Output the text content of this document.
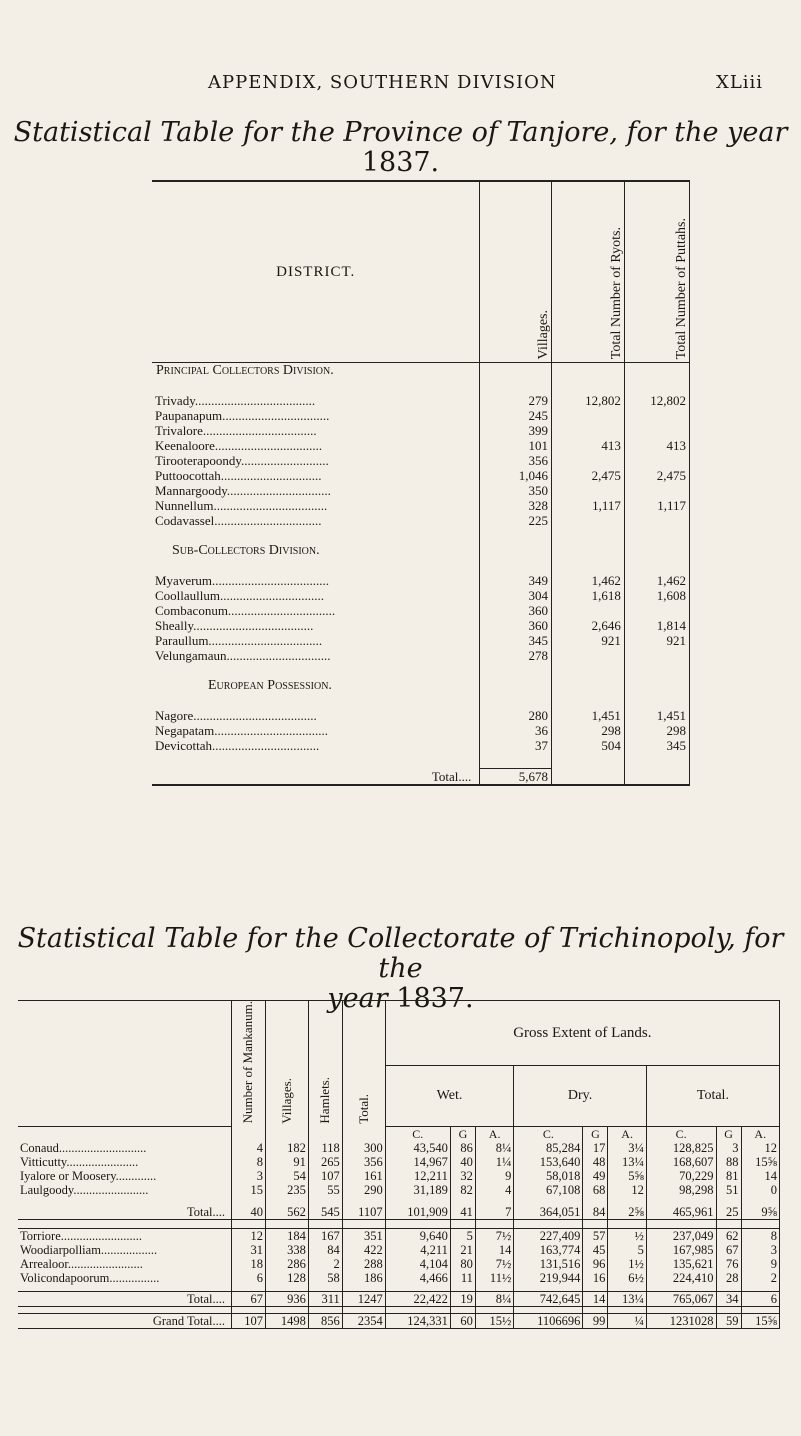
APPENDIX, SOUTHERN DIVISION	XLiii
Statistical Table for the Province of Tanjore, for the year
1837.
DISTRICT.	Villages.	Total Number of Ryots.	Total Number of Puttahs.
Principal Collectors Division.			

Trivady.....................................	279	12,802	12,802
Paupanapum.................................	245		
Trivalore...................................	399		
Keenaloore.................................	101	413	413
Tirooterapoondy...........................	356		
Puttoocottah...............................	1,046	2,475	2,475
Mannargoody................................	350		
Nunnellum...................................	328	1,117	1,117
Codavassel.................................	225		

Sub-Collectors Division.			

Myaverum....................................	349	1,462	1,462
Coollaullum................................	304	1,618	1,608
Combaconum.................................	360		
Sheally.....................................	360	2,646	1,814
Paraullum...................................	345	921	921
Velungamaun................................	278		

European Possession.			

Nagore......................................	280	1,451	1,451
Negapatam...................................	36	298	298
Devicottah.................................	37	504	345

Total....	5,678		
Statistical Table for the Collectorate of Trichinopoly, for the
year 1837.
	Number of Mankanum.	Villages.	Hamlets.	Total.	Gross Extent of Lands.								
					Wet.			Dry.			Total.		
					C.	G	A.	C.	G	A.	C.	G	A.
Conaud............................	4	182	118	300	43,540	86	8¼	85,284	17	3¼	128,825	3	12
Vitticutty.......................	8	91	265	356	14,967	40	1¼	153,640	48	13¼	168,607	88	15⅝
Iyalore or Moosery.............	3	54	107	161	12,211	32	9	58,018	49	5⅝	70,229	81	14
Laulgoody........................	15	235	55	290	31,189	82	4	67,108	68	12	98,298	51	0

Total....	40	562	545	1107	101,909	41	7	364,051	84	2⅝	465,961	25	9⅝

Torriore..........................	12	184	167	351	9,640	5	7½	227,409	57	½	237,049	62	8
Woodiarpolliam..................	31	338	84	422	4,211	21	14	163,774	45	5	167,985	67	3
Arrealoor........................	18	286	2	288	4,104	80	7½	131,516	96	1½	135,621	76	9
Volicondapoorum................	6	128	58	186	4,466	11	11½	219,944	16	6½	224,410	28	2

Total....	67	936	311	1247	22,422	19	8¼	742,645	14	13¼	765,067	34	6

Grand Total....	107	1498	856	2354	124,331	60	15½	1106696	99	¼	1231028	59	15⅝
